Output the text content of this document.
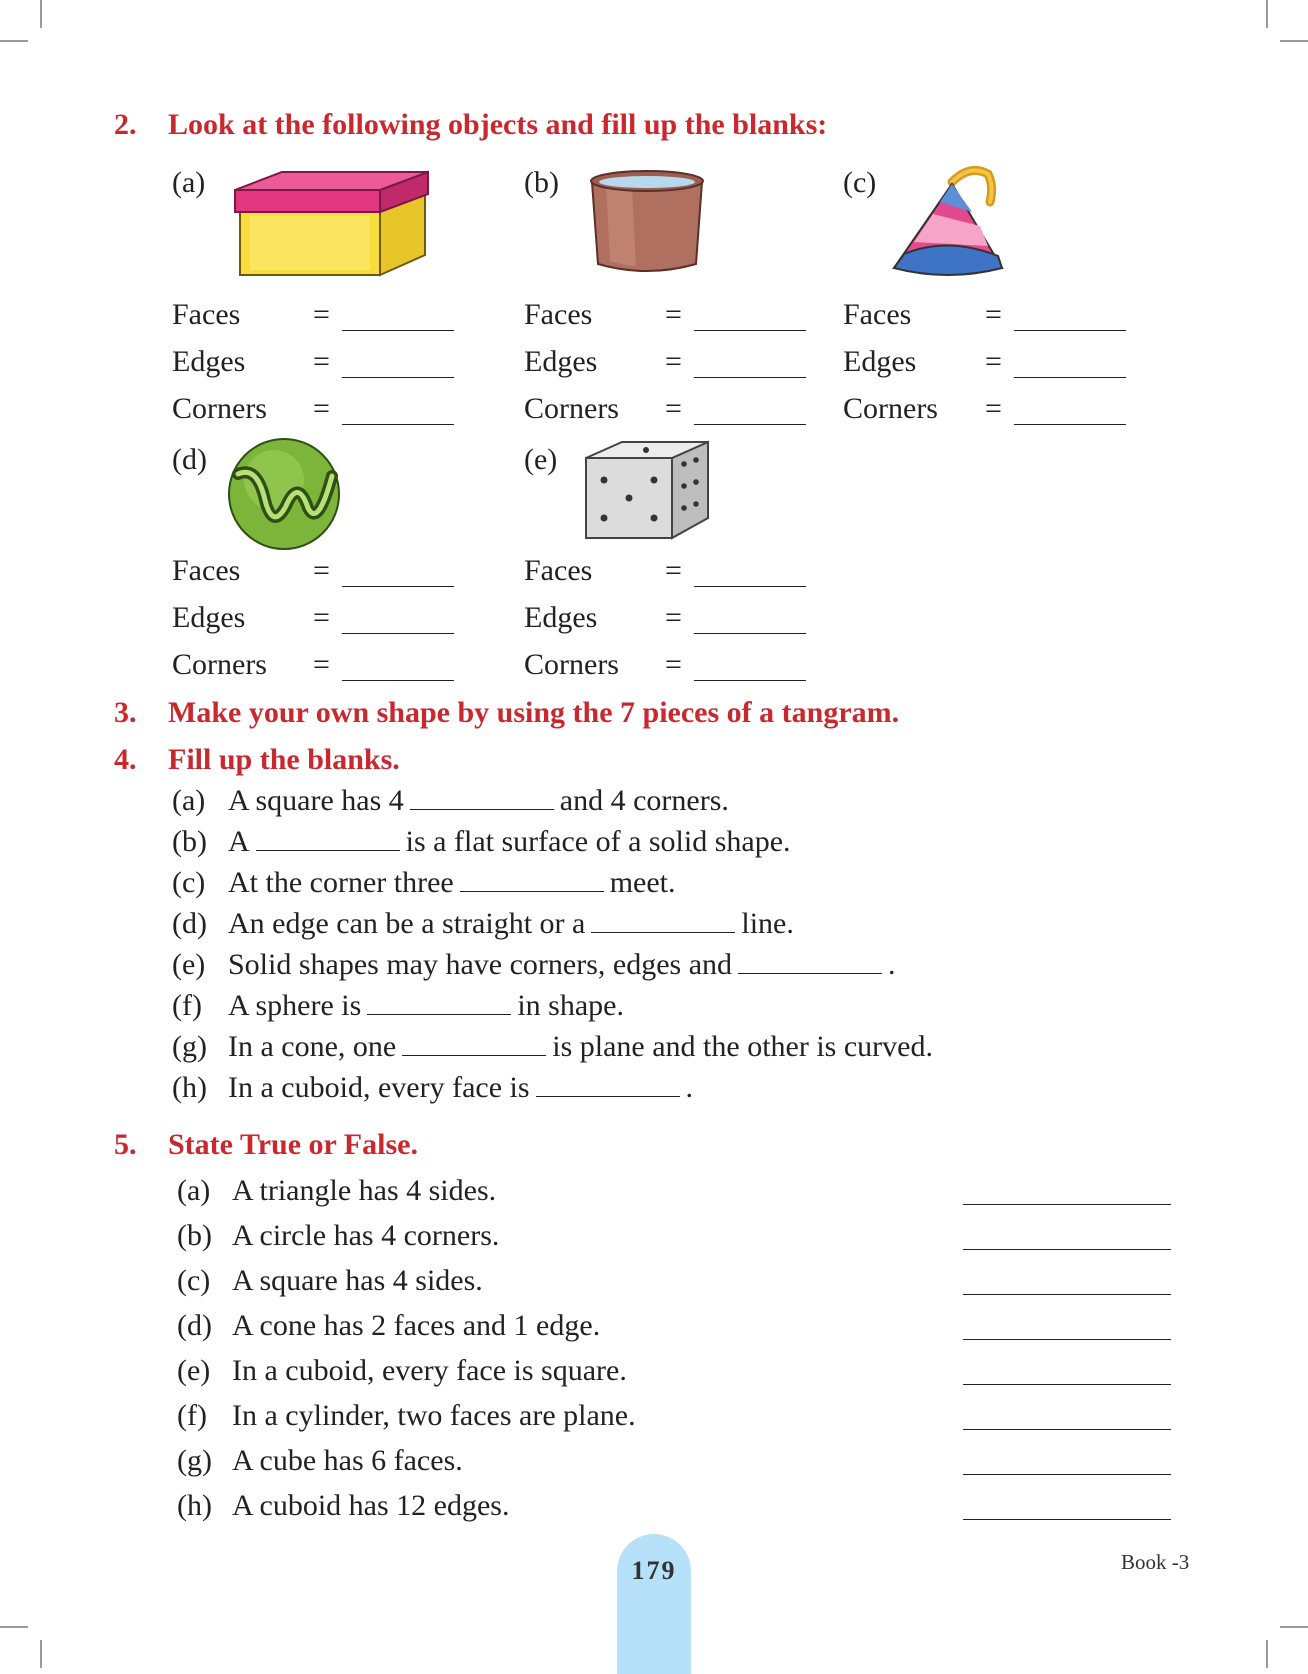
2. Look at the following objects and fill up the blanks:
(a)	(b)	(c)
(d)	(e)
Faces =
Edges =
Corners =
Faces =
Edges =
Corners =
Faces =
Edges =
Corners =
Faces =
Edges =
Corners =
Faces =
Edges =
Corners =
3. Make your own shape by using the 7 pieces of a tangram.
4. Fill up the blanks.
(a) A square has 4	and 4 corners.
(b) A	is a flat surface of a solid shape.
(c) At the corner three	meet.
(d) An edge can be a straight or a	line.
(e) Solid shapes may have corners, edges and	.
(f) A sphere is	in shape.
(g) In a cone, one	is plane and the other is curved.
(h) In a cuboid, every face is	.
5. State True or False.
(a) A triangle has 4 sides.
(b) A circle has 4 corners.
(c) A square has 4 sides.
(d) A cone has 2 faces and 1 edge.
(e) In a cuboid, every face is square.
(f) In a cylinder, two faces are plane.
(g) A cube has 6 faces.
(h) A cuboid has 12 edges.
179	Book -3
